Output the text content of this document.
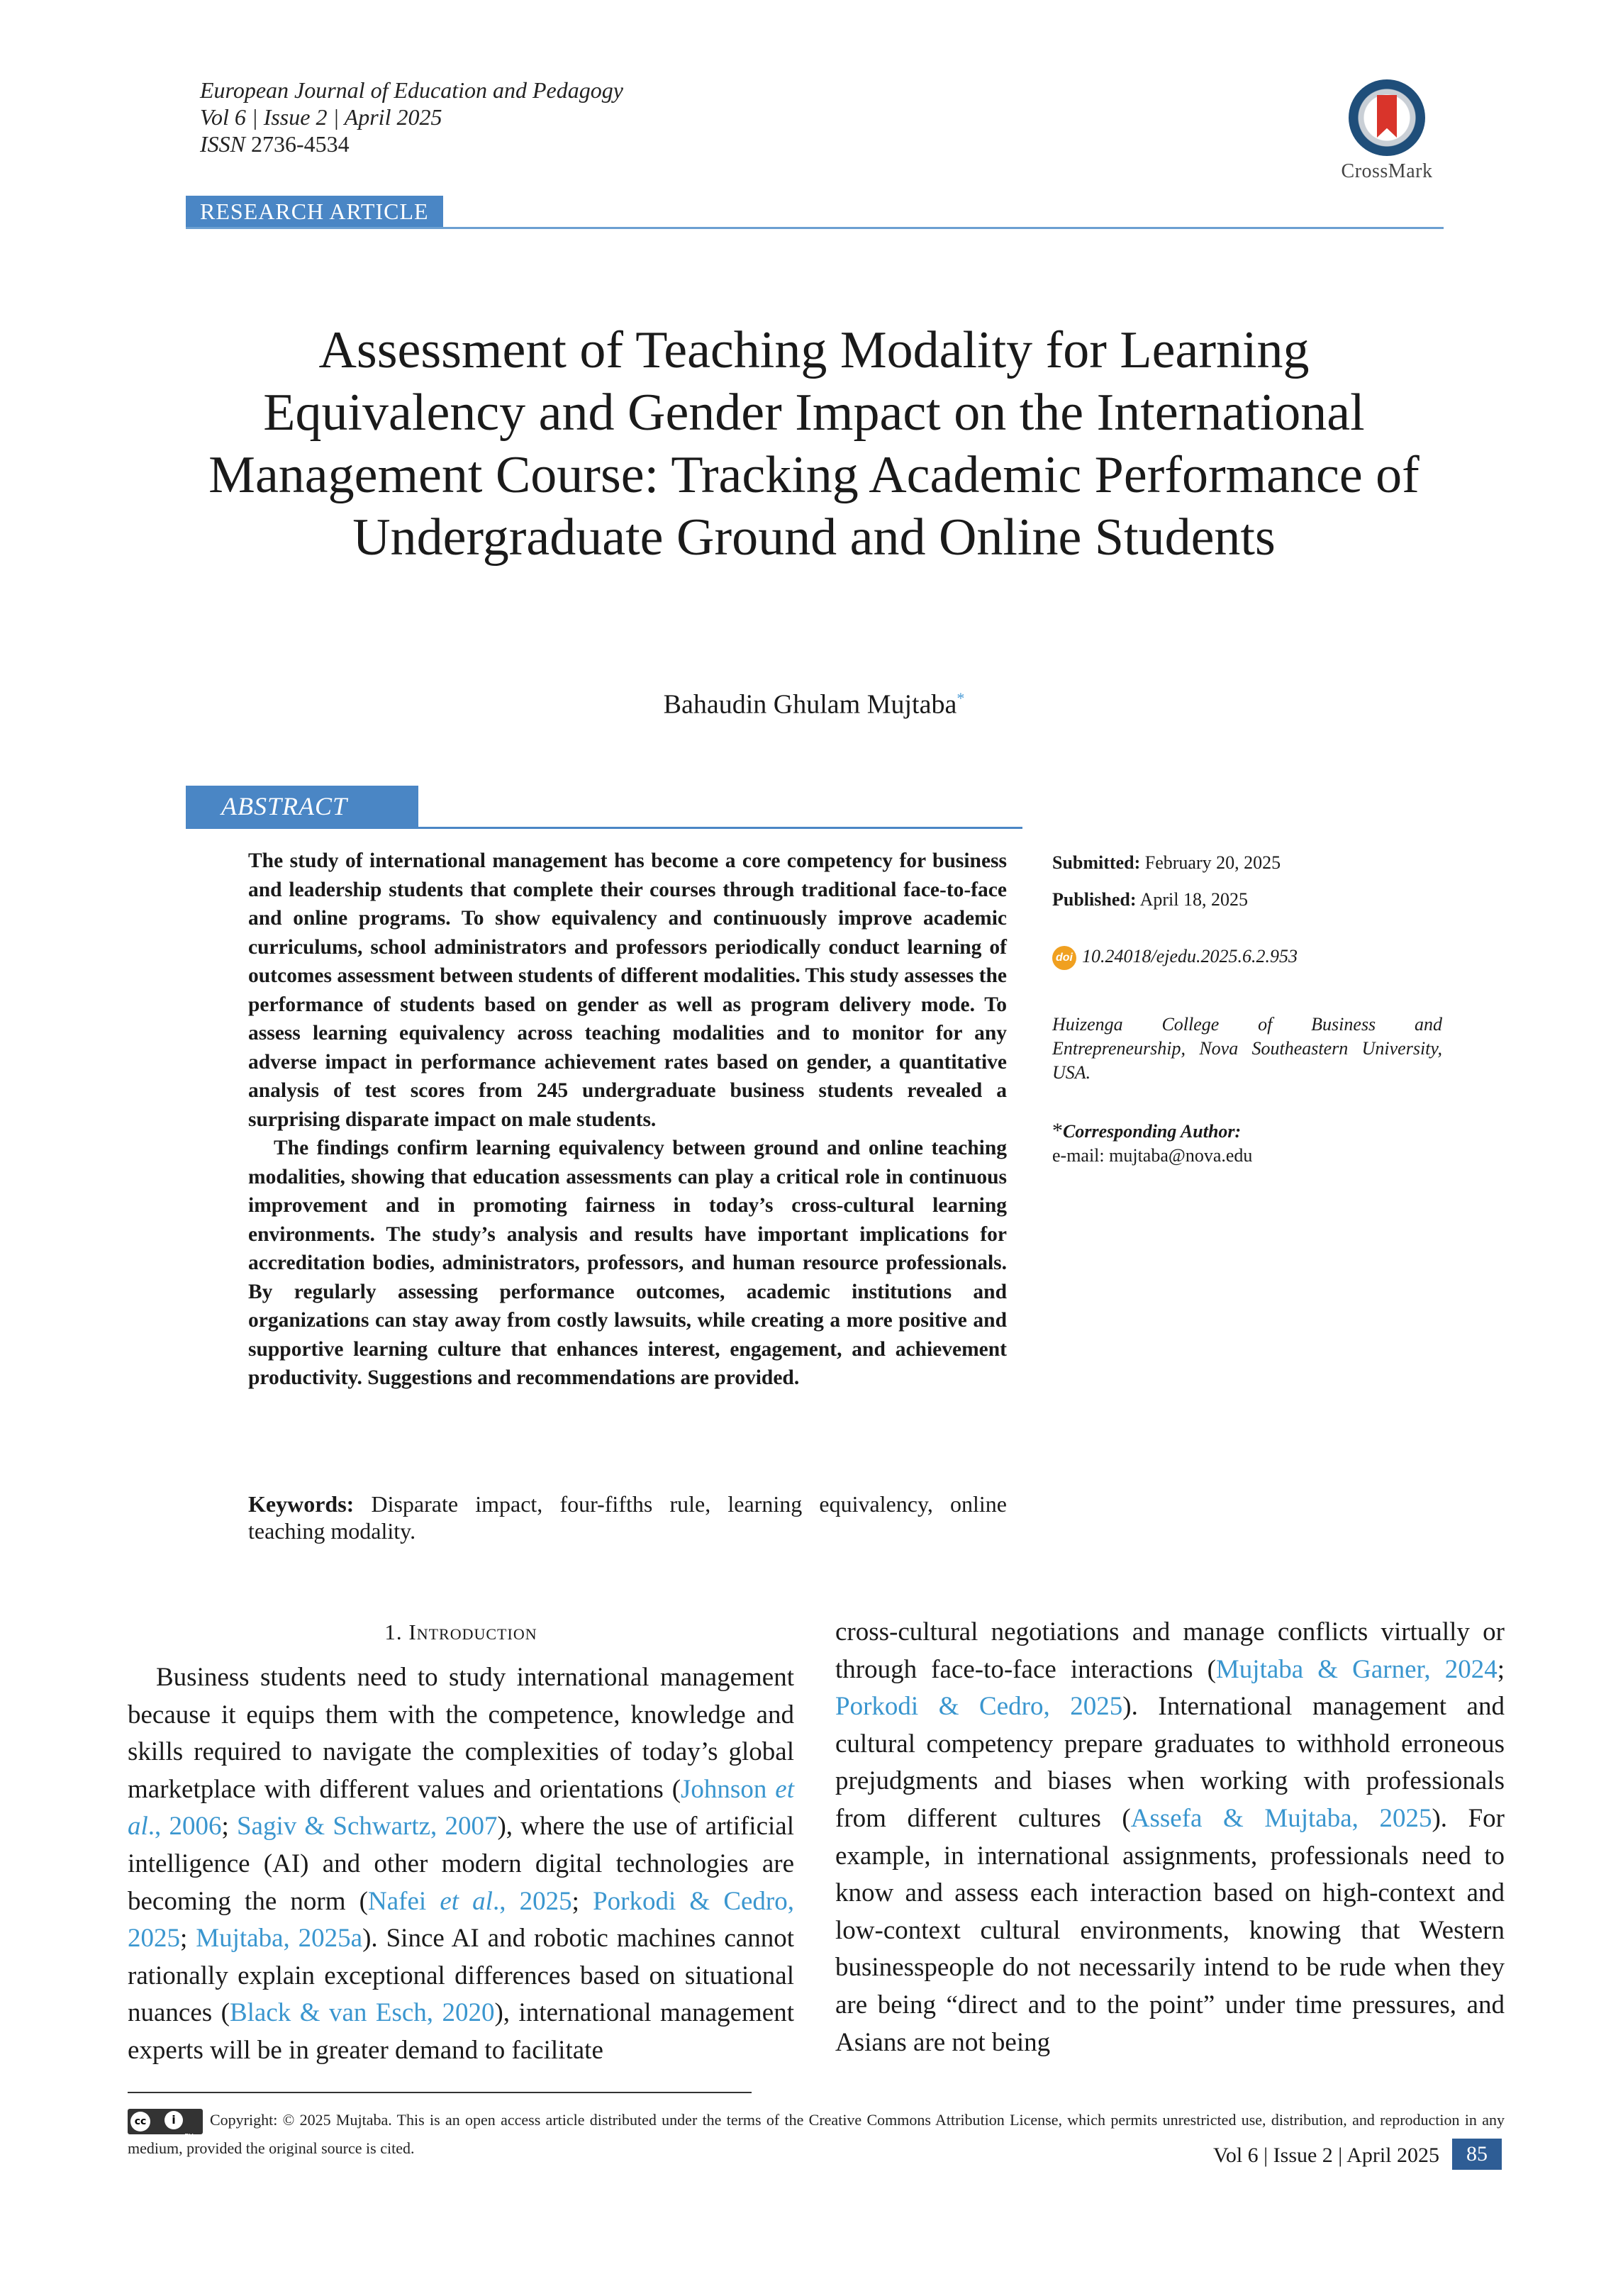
European Journal of Education and Pedagogy
Vol 6 | Issue 2 | April 2025
ISSN 2736-4534
CrossMark
RESEARCH ARTICLE
Assessment of Teaching Modality for Learning Equivalency and Gender Impact on the International Management Course: Tracking Academic Performance of Undergraduate Ground and Online Students
Bahaudin Ghulam Mujtaba*
ABSTRACT

The study of international management has become a core competency for business and leadership students that complete their courses through traditional face-to-face and online programs. To show equivalency and continuously improve academic curriculums, school administrators and professors periodically conduct learning of outcomes assessment between students of different modalities. This study assesses the performance of students based on gender as well as program delivery mode. To assess learning equivalency across teaching modalities and to monitor for any adverse impact in performance achievement rates based on gender, a quantitative analysis of test scores from 245 undergraduate business students revealed a surprising disparate impact on male students.

The findings confirm learning equivalency between ground and online teaching modalities, showing that education assessments can play a critical role in continuous improvement and in promoting fairness in today’s cross-cultural learning environments. The study’s analysis and results have important implications for accreditation bodies, administrators, professors, and human resource professionals. By regularly assessing performance outcomes, academic institutions and organizations can stay away from costly lawsuits, while creating a more positive and supportive learning culture that enhances interest, engagement, and achievement productivity. Suggestions and recommendations are provided.

Keywords: Disparate impact, four-fifths rule, learning equivalency, online teaching modality.
Submitted: February 20, 2025
Published: April 18, 2025
doi 10.24018/ejedu.2025.6.2.953
Huizenga College of Business and Entrepreneurship, Nova Southeastern University, USA.
*Corresponding Author:
e-mail: mujtaba@nova.edu
1. Introduction

Business students need to study international management because it equips them with the competence, knowledge and skills required to navigate the complexities of today’s global marketplace with different values and orientations (Johnson et al., 2006; Sagiv & Schwartz, 2007), where the use of artificial intelligence (AI) and other modern digital technologies are becoming the norm (Nafei et al., 2025; Porkodi & Cedro, 2025; Mujtaba, 2025a). Since AI and robotic machines cannot rationally explain exceptional differences based on situational nuances (Black & van Esch, 2020), international management experts will be in greater demand to facilitate

cross-cultural negotiations and manage conflicts virtually or through face-to-face interactions (Mujtaba & Garner, 2024; Porkodi & Cedro, 2025). International management and cultural competency prepare graduates to withhold erroneous prejudgments and biases when working with professionals from different cultures (Assefa & Mujtaba, 2025). For example, in international assignments, professionals need to know and assess each interaction based on high-context and low-context cultural environments, knowing that Western businesspeople do not necessarily intend to be rude when they are being “direct and to the point” under time pressures, and Asians are not being

cc	i
BY
Copyright: © 2025 Mujtaba. This is an open access article distributed under the terms of the Creative Commons Attribution License, which permits unrestricted use, distribution, and reproduction in any medium, provided the original source is cited.	Vol 6 | Issue 2 | April 2025	85
